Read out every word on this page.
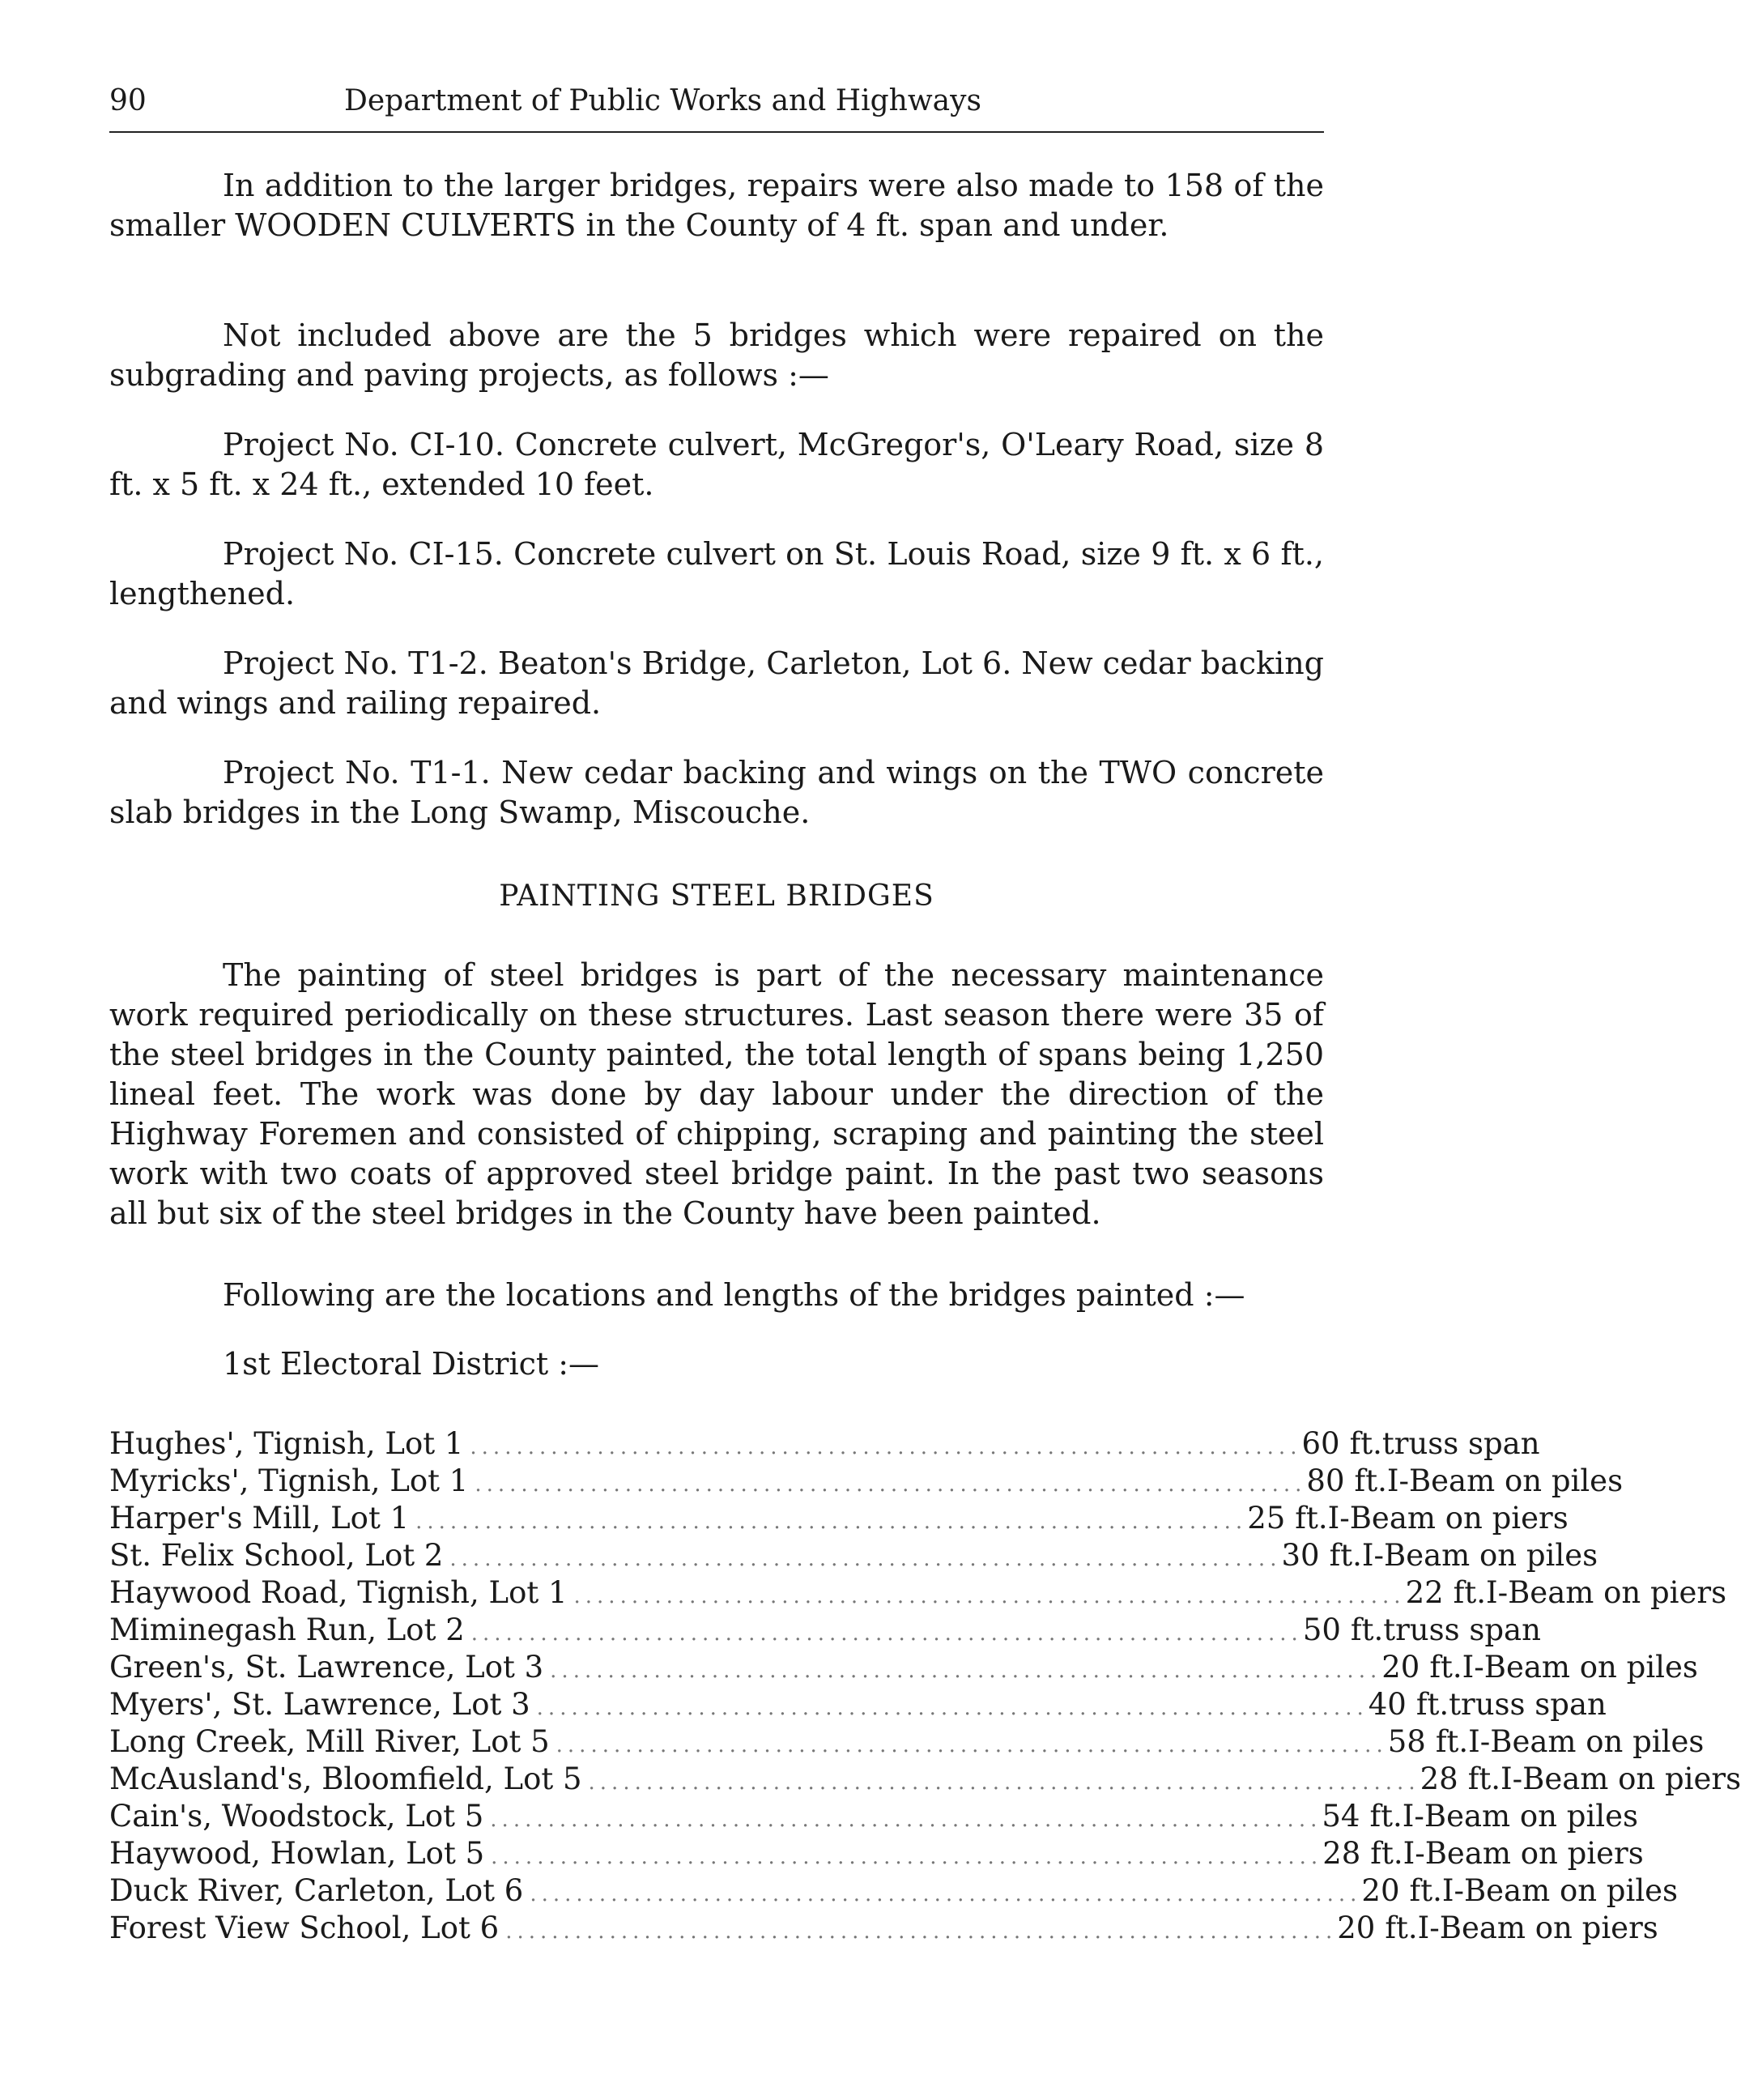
90	Department of Public Works and Highways

In addition to the larger bridges, repairs were also made to 158 of the smaller WOODEN CULVERTS in the County of 4 ft. span and under.

Not included above are the 5 bridges which were repaired on the subgrading and paving projects, as follows :—

Project No. CI-10. Concrete culvert, McGregor's, O'Leary Road, size 8 ft. x 5 ft. x 24 ft., extended 10 feet.

Project No. CI-15. Concrete culvert on St. Louis Road, size 9 ft. x 6 ft., lengthened.

Project No. T1-2. Beaton's Bridge, Carleton, Lot 6. New cedar backing and wings and railing repaired.

Project No. T1-1. New cedar backing and wings on the TWO concrete slab bridges in the Long Swamp, Miscouche.

PAINTING STEEL BRIDGES

The painting of steel bridges is part of the necessary maintenance work required periodically on these structures. Last season there were 35 of the steel bridges in the County painted, the total length of spans being 1,250 lineal feet. The work was done by day labour under the direction of the Highway Foremen and consisted of chipping, scraping and painting the steel work with two coats of approved steel bridge paint. In the past two seasons all but six of the steel bridges in the County have been painted.

Following are the locations and lengths of the bridges painted :—

1st Electoral District :—
Hughes', Tignish, Lot 1 ........................................................................ 60 ft. truss span
Myricks', Tignish, Lot 1 ........................................................................ 80 ft. I-Beam on piles
Harper's Mill, Lot 1 ........................................................................ 25 ft. I-Beam on piers
St. Felix School, Lot 2 ........................................................................ 30 ft. I-Beam on piles
Haywood Road, Tignish, Lot 1 ........................................................................ 22 ft. I-Beam on piers
Miminegash Run, Lot 2 ........................................................................ 50 ft. truss span
Green's, St. Lawrence, Lot 3 ........................................................................ 20 ft. I-Beam on piles
Myers', St. Lawrence, Lot 3 ........................................................................ 40 ft. truss span
Long Creek, Mill River, Lot 5 ........................................................................ 58 ft. I-Beam on piles
McAusland's, Bloomfield, Lot 5 ........................................................................ 28 ft. I-Beam on piers
Cain's, Woodstock, Lot 5 ........................................................................ 54 ft. I-Beam on piles
Haywood, Howlan, Lot 5 ........................................................................ 28 ft. I-Beam on piers
Duck River, Carleton, Lot 6 ........................................................................ 20 ft. I-Beam on piles
Forest View School, Lot 6 ........................................................................ 20 ft. I-Beam on piers
